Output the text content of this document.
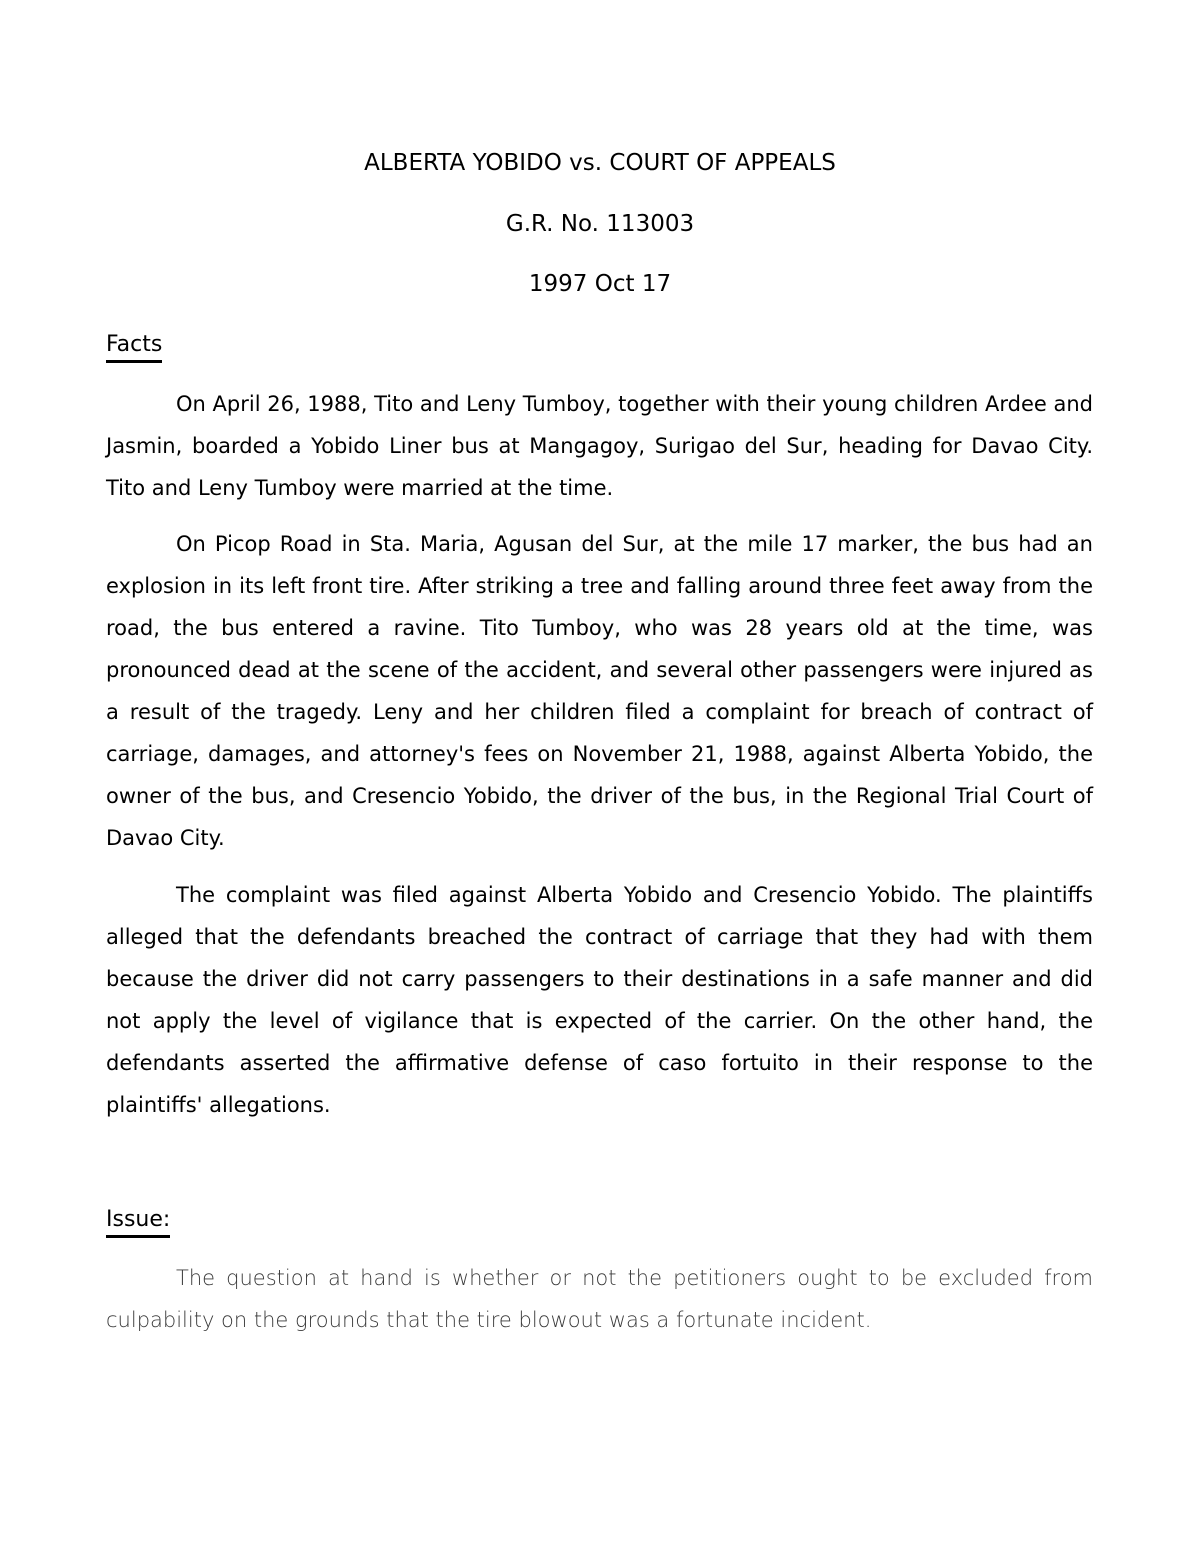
ALBERTA YOBIDO vs. COURT OF APPEALS
G.R. No. 113003
1997 Oct 17
Facts

On April 26, 1988, Tito and Leny Tumboy, together with their young children Ardee and Jasmin, boarded a Yobido Liner bus at Mangagoy, Surigao del Sur, heading for Davao City. Tito and Leny Tumboy were married at the time.

On Picop Road in Sta. Maria, Agusan del Sur, at the mile 17 marker, the bus had an explosion in its left front tire. After striking a tree and falling around three feet away from the road, the bus entered a ravine. Tito Tumboy, who was 28 years old at the time, was pronounced dead at the scene of the accident, and several other passengers were injured as a result of the tragedy. Leny and her children filed a complaint for breach of contract of carriage, damages, and attorney's fees on November 21, 1988, against Alberta Yobido, the owner of the bus, and Cresencio Yobido, the driver of the bus, in the Regional Trial Court of Davao City.

The complaint was filed against Alberta Yobido and Cresencio Yobido. The plaintiffs alleged that the defendants breached the contract of carriage that they had with them because the driver did not carry passengers to their destinations in a safe manner and did not apply the level of vigilance that is expected of the carrier. On the other hand, the defendants asserted the affirmative defense of caso fortuito in their response to the plaintiffs' allegations.

Issue:

The question at hand is whether or not the petitioners ought to be excluded from culpability on the grounds that the tire blowout was a fortunate incident.
